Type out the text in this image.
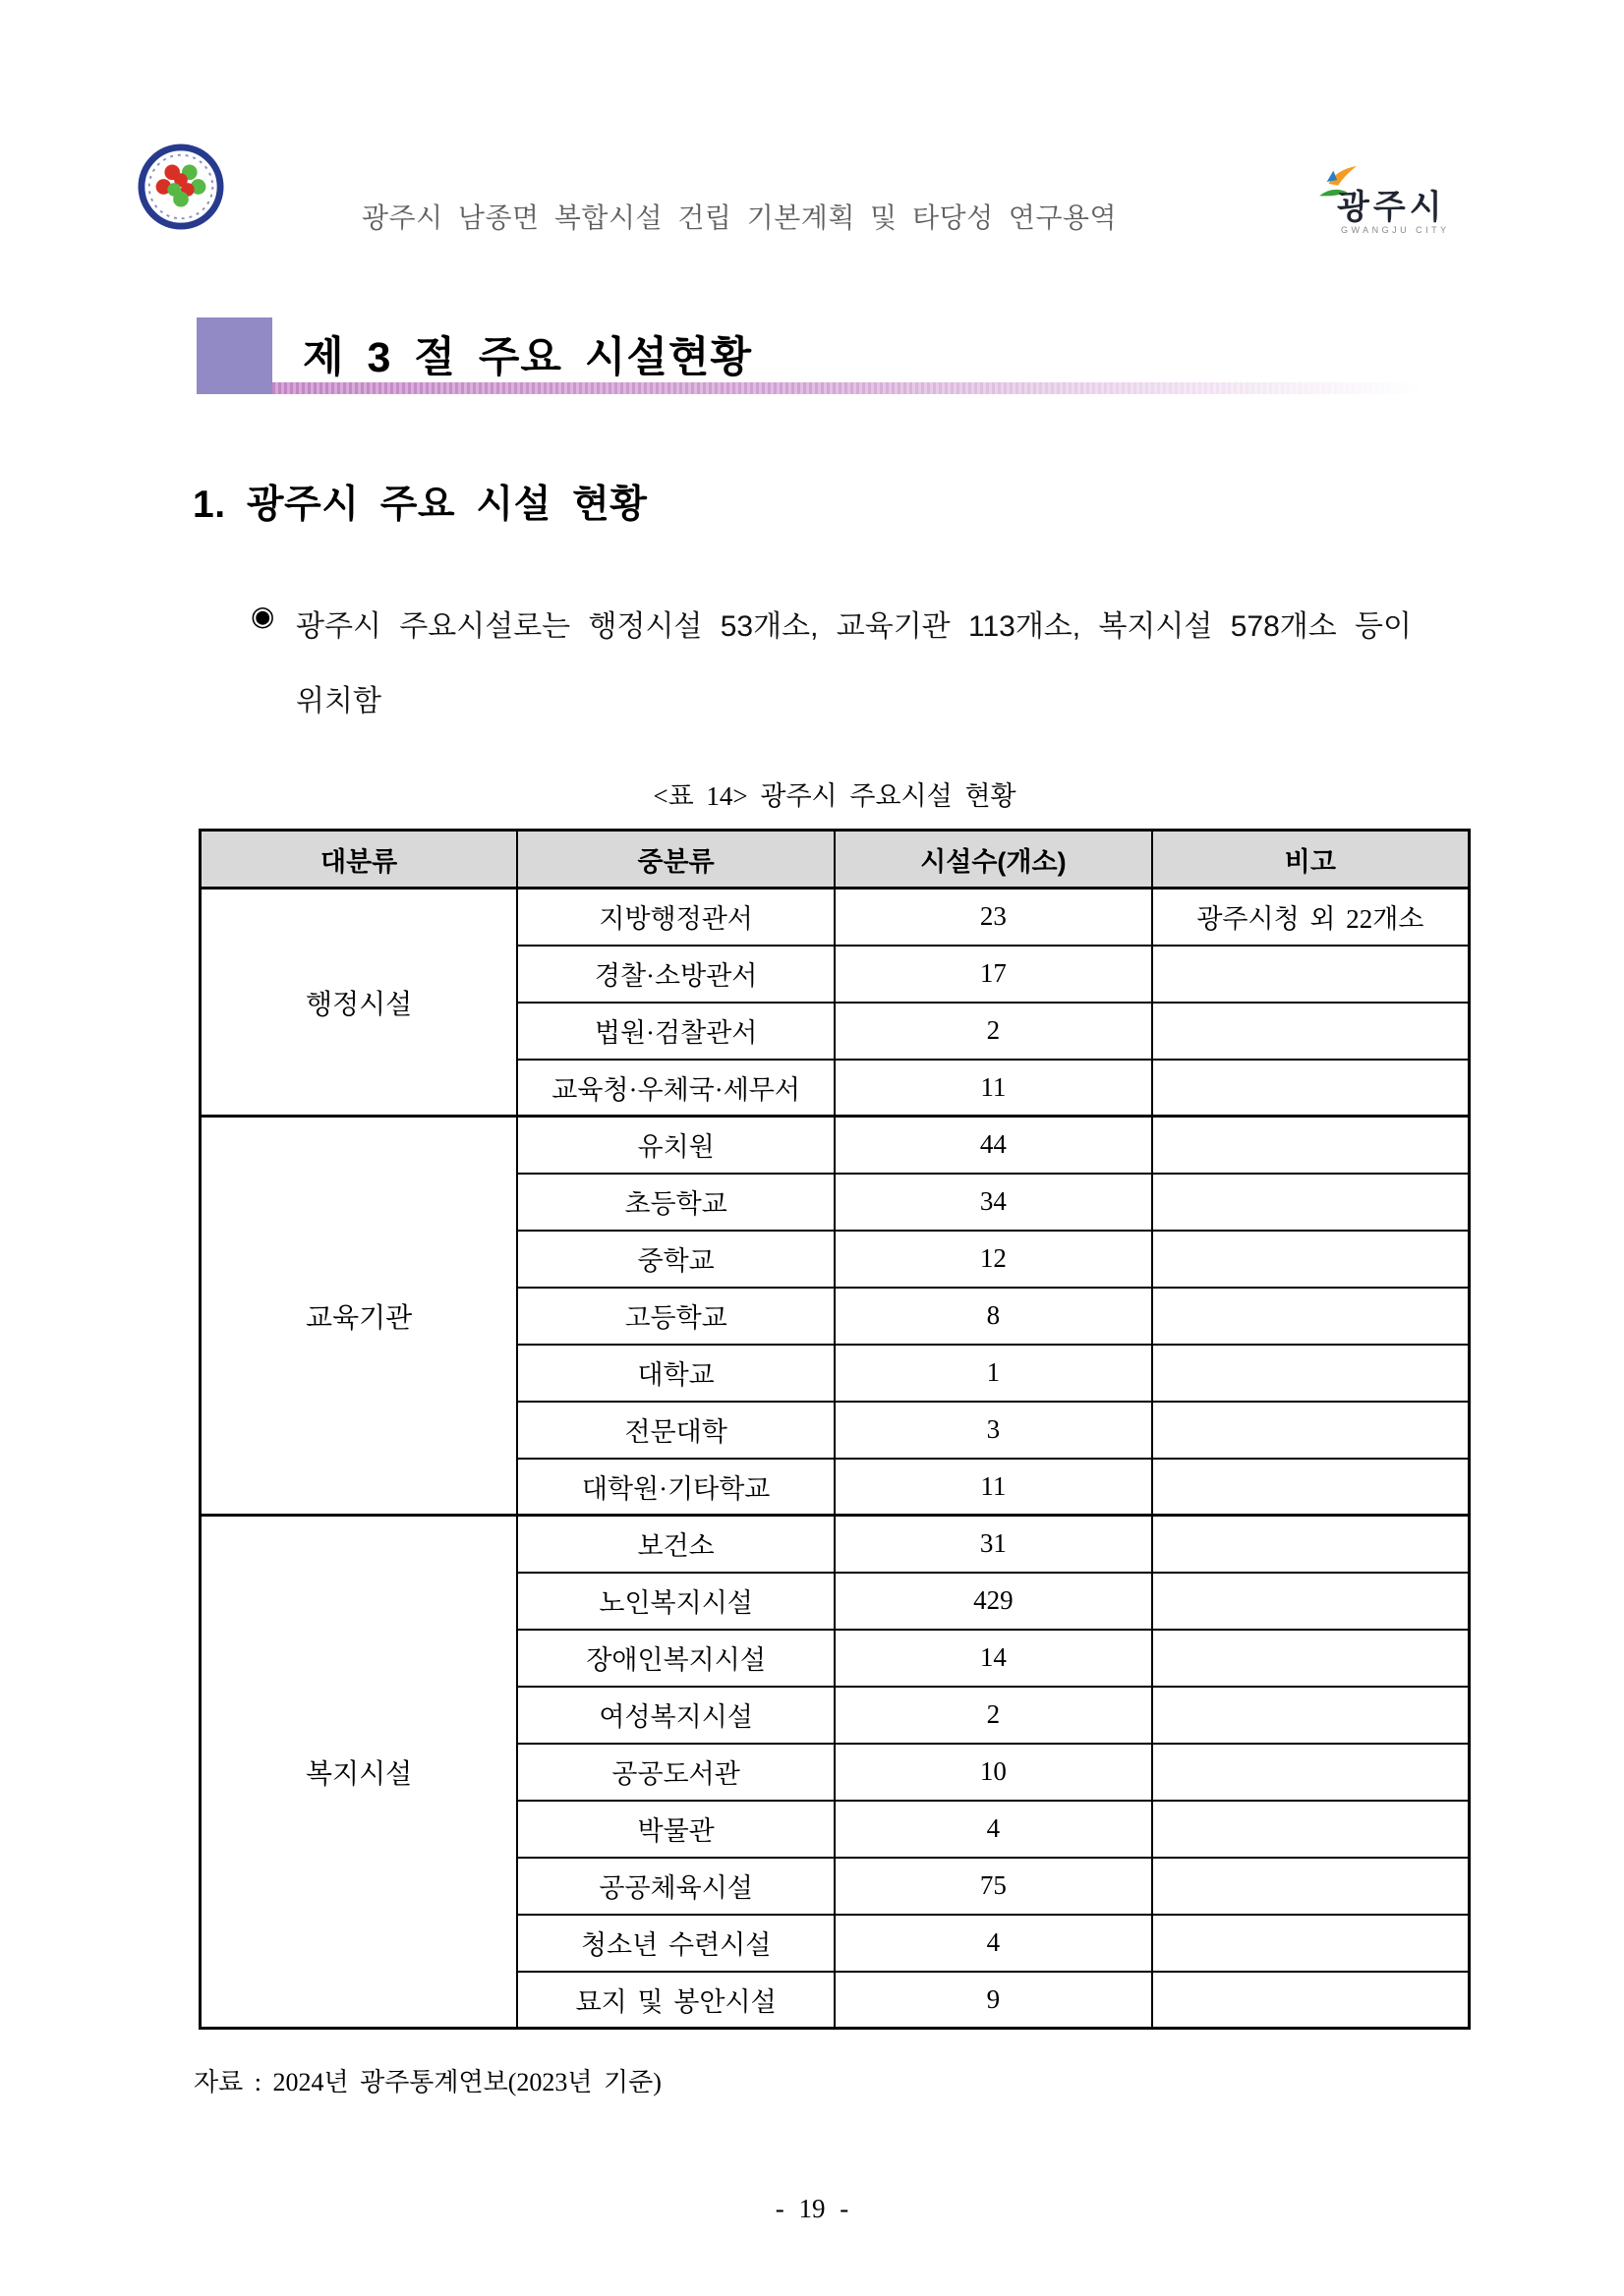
광주시 남종면 복합시설 건립 기본계획 및 타당성 연구용역	광주시
GWANGJU CITY
제 3 절 주요 시설현황
1. 광주시 주요 시설 현황
◉ 광주시 주요시설로는 행정시설 53개소, 교육기관 113개소, 복지시설 578개소 등이
위치함
<표 14> 광주시 주요시설 현황
대분류	중분류	시설수(개소)	비고
행정시설	지방행정관서	23	광주시청 외 22개소
	경찰·소방관서	17	
	법원·검찰관서	2	
	교육청·우체국·세무서	11	
교육기관	유치원	44	
	초등학교	34	
	중학교	12	
	고등학교	8	
	대학교	1	
	전문대학	3	
	대학원·기타학교	11	
복지시설	보건소	31	
	노인복지시설	429	
	장애인복지시설	14	
	여성복지시설	2	
	공공도서관	10	
	박물관	4	
	공공체육시설	75	
	청소년 수련시설	4	
	묘지 및 봉안시설	9	
자료 : 2024년 광주통계연보(2023년 기준)
- 19 -
